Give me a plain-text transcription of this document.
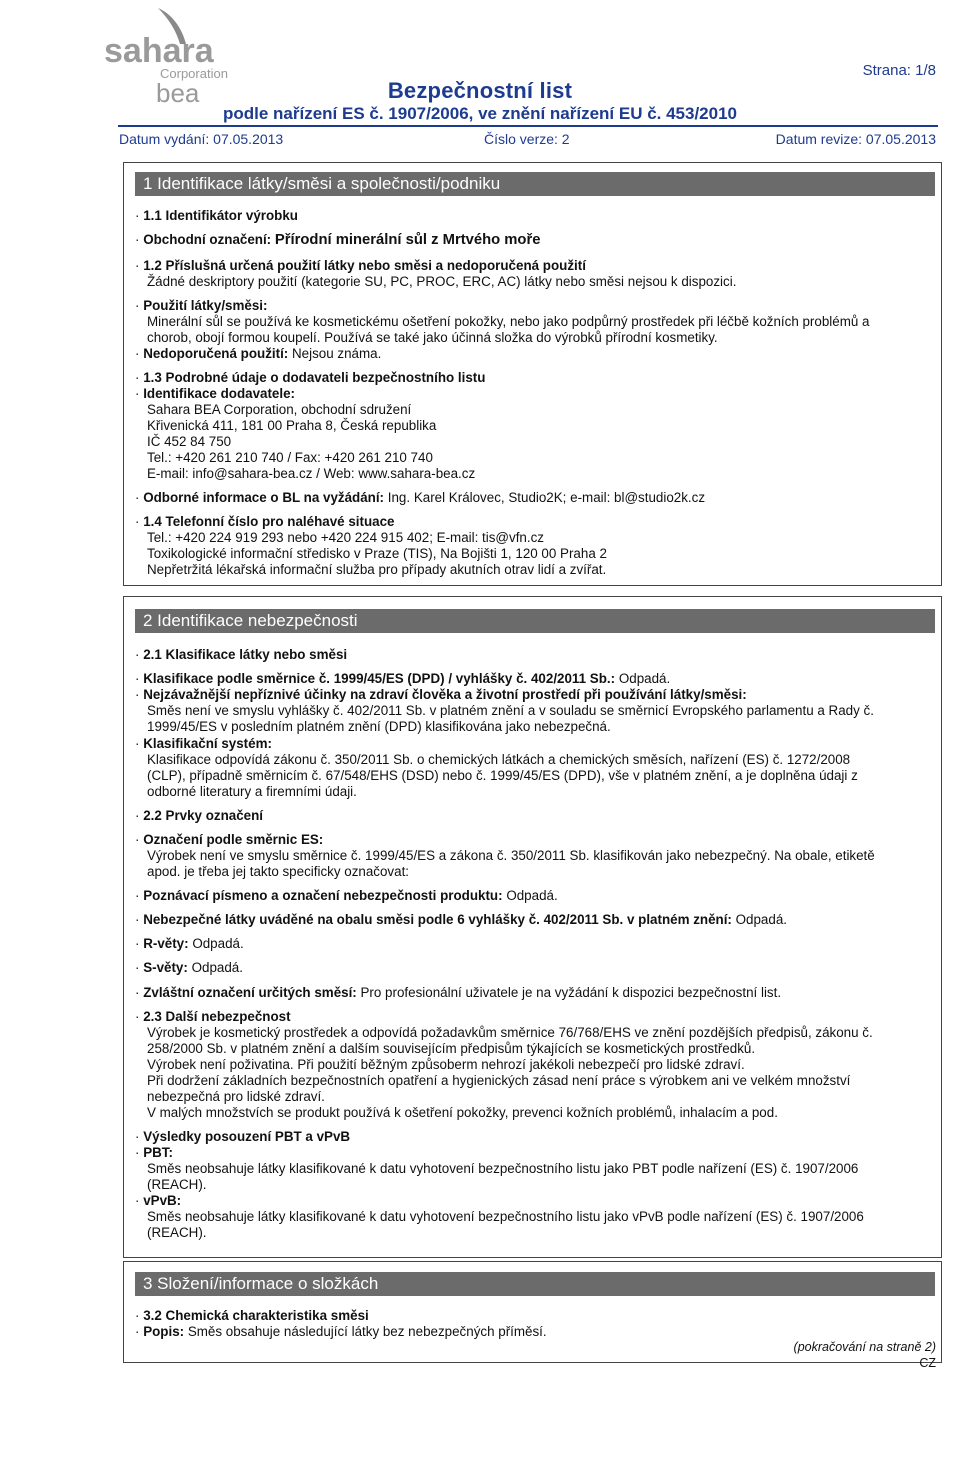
sahara
Corporation
bea
Strana: 1/8
Bezpečnostní list
podle nařízení ES č. 1907/2006, ve znění nařízení EU č. 453/2010
Datum vydání: 07.05.2013	Číslo verze: 2	Datum revize: 07.05.2013
1 Identifikace látky/směsi a společnosti/podniku
· 1.1 Identifikátor výrobku
· Obchodní označení: Přírodní minerální sůl z Mrtvého moře
· 1.2 Příslušná určená použití látky nebo směsi a nedoporučená použití
Žádné deskriptory použití (kategorie SU, PC, PROC, ERC, AC) látky nebo směsi nejsou k dispozici.
· Použití látky/směsi:
Minerální sůl se používá ke kosmetickému ošetření pokožky, nebo jako podpůrný prostředek při léčbě kožních problémů a
chorob, obojí formou koupelí. Používá se také jako účinná složka do výrobků přírodní kosmetiky.
· Nedoporučená použití: Nejsou známa.
· 1.3 Podrobné údaje o dodavateli bezpečnostního listu
· Identifikace dodavatele:
Sahara BEA Corporation, obchodní sdružení
Křivenická 411, 181 00 Praha 8, Česká republika
IČ 452 84 750
Tel.: +420 261 210 740 / Fax: +420 261 210 740
E-mail: info@sahara-bea.cz / Web: www.sahara-bea.cz
· Odborné informace o BL na vyžádání: Ing. Karel Královec, Studio2K; e-mail: bl@studio2k.cz
· 1.4 Telefonní číslo pro naléhavé situace
Tel.: +420 224 919 293 nebo +420 224 915 402; E-mail: tis@vfn.cz
Toxikologické informační středisko v Praze (TIS), Na Bojišti 1, 120 00 Praha 2
Nepřetržitá lékařská informační služba pro případy akutních otrav lidí a zvířat.
2 Identifikace nebezpečnosti
· 2.1 Klasifikace látky nebo směsi
· Klasifikace podle směrnice č. 1999/45/ES (DPD) / vyhlášky č. 402/2011 Sb.: Odpadá.
· Nejzávažnější nepříznivé účinky na zdraví člověka a životní prostředí při používání látky/směsi:
Směs není ve smyslu vyhlášky č. 402/2011 Sb. v platném znění a v souladu se směrnicí Evropského parlamentu a Rady č.
1999/45/ES v posledním platném znění (DPD) klasifikována jako nebezpečná.
· Klasifikační systém:
Klasifikace odpovídá zákonu č. 350/2011 Sb. o chemických látkách a chemických směsích, nařízení (ES) č. 1272/2008
(CLP), případně směrnicím č. 67/548/EHS (DSD) nebo č. 1999/45/ES (DPD), vše v platném znění, a je doplněna údaji z
odborné literatury a firemními údaji.
· 2.2 Prvky označení
· Označení podle směrnic ES:
Výrobek není ve smyslu směrnice č. 1999/45/ES a zákona č. 350/2011 Sb. klasifikován jako nebezpečný. Na obale, etiketě
apod. je třeba jej takto specificky označovat:
· Poznávací písmeno a označení nebezpečnosti produktu: Odpadá.
· Nebezpečné látky uváděné na obalu směsi podle 6 vyhlášky č. 402/2011 Sb. v platném znění: Odpadá.
· R-věty: Odpadá.
· S-věty: Odpadá.
· Zvláštní označení určitých směsí: Pro profesionální uživatele je na vyžádání k dispozici bezpečnostní list.
· 2.3 Další nebezpečnost
Výrobek je kosmetický prostředek a odpovídá požadavkům směrnice 76/768/EHS ve znění pozdějších předpisů, zákonu č.
258/2000 Sb. v platném znění a dalším souvisejícím předpisům týkajících se kosmetických prostředků.
Výrobek není poživatina. Při použití běžným způsoberm nehrozí jakékoli nebezpečí pro lidské zdraví.
Při dodržení základních bezpečnostních opatření a hygienických zásad není práce s výrobkem ani ve velkém množství
nebezpečná pro lidské zdraví.
V malých množstvích se produkt používá k ošetření pokožky, prevenci kožních problémů, inhalacím a pod.
· Výsledky posouzení PBT a vPvB
· PBT:
Směs neobsahuje látky klasifikované k datu vyhotovení bezpečnostního listu jako PBT podle nařízení (ES) č. 1907/2006
(REACH).
· vPvB:
Směs neobsahuje látky klasifikované k datu vyhotovení bezpečnostního listu jako vPvB podle nařízení (ES) č. 1907/2006
(REACH).
3 Složení/informace o složkách
· 3.2 Chemická charakteristika směsi
· Popis: Směs obsahuje následující látky bez nebezpečných příměsí.
(pokračování na straně 2)
CZ
